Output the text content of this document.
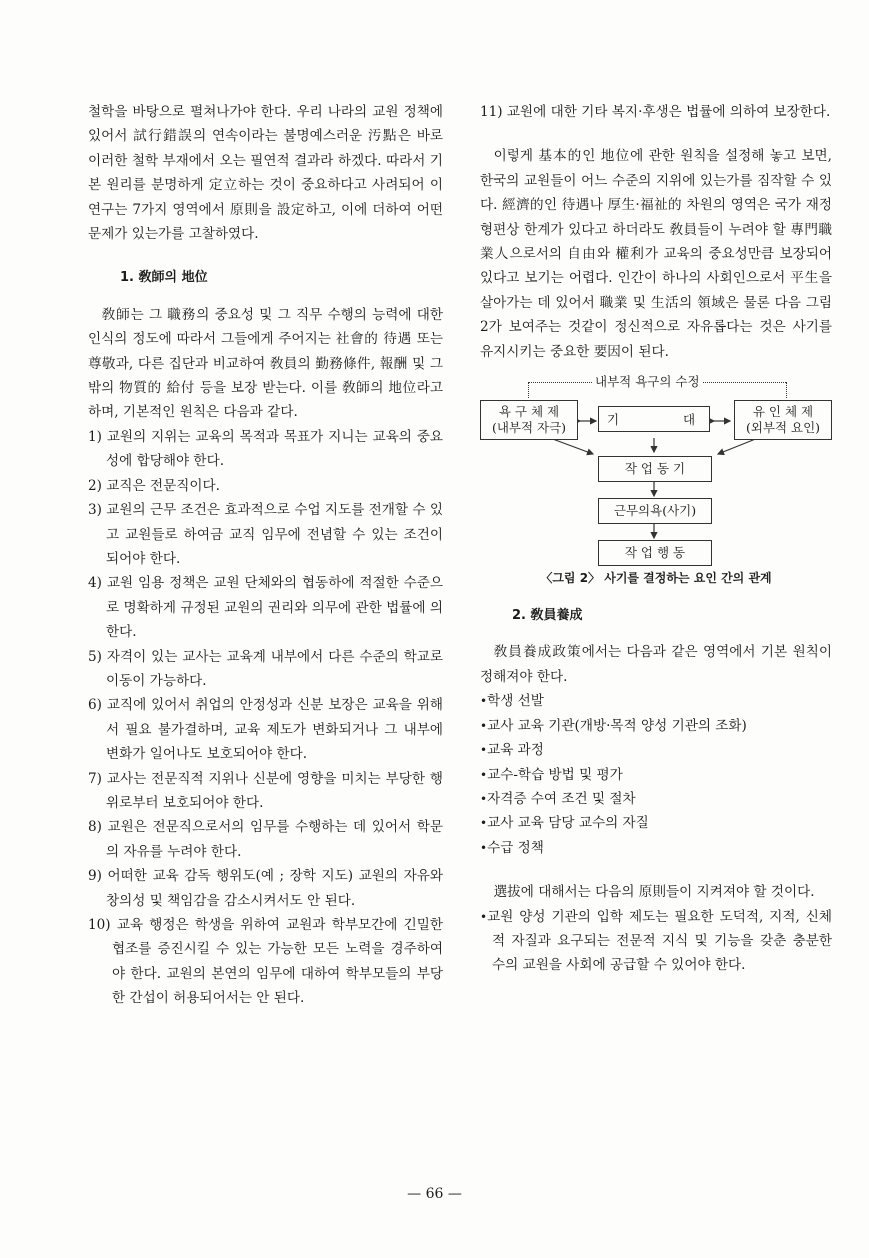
철학을 바탕으로 펼쳐나가야 한다. 우리 나라의 교원 정책에 있어서 試行錯誤의 연속이라는 불명예스러운 汚點은 바로 이러한 철학 부재에서 오는 필연적 결과라 하겠다. 따라서 기본 원리를 분명하게 定立하는 것이 중요하다고 사려되어 이 연구는 7가지 영역에서 原則을 設定하고, 이에 더하여 어떤 문제가 있는가를 고찰하였다.

1. 敎師의 地位

敎師는 그 職務의 중요성 및 그 직무 수행의 능력에 대한 인식의 정도에 따라서 그들에게 주어지는 社會的 待遇 또는 尊敬과, 다른 집단과 비교하여 敎員의 勤務條件, 報酬 및 그 밖의 物質的 給付 등을 보장 받는다. 이를 敎師의 地位라고 하며, 기본적인 원칙은 다음과 같다.

1) 교원의 지위는 교육의 목적과 목표가 지니는 교육의 중요성에 합당해야 한다.
2) 교직은 전문직이다.
3) 교원의 근무 조건은 효과적으로 수업 지도를 전개할 수 있고 교원들로 하여금 교직 임무에 전념할 수 있는 조건이 되어야 한다.
4) 교원 임용 정책은 교원 단체와의 협동하에 적절한 수준으로 명확하게 규정된 교원의 권리와 의무에 관한 법률에 의한다.
5) 자격이 있는 교사는 교육계 내부에서 다른 수준의 학교로 이동이 가능하다.
6) 교직에 있어서 취업의 안정성과 신분 보장은 교육을 위해서 필요 불가결하며, 교육 제도가 변화되거나 그 내부에 변화가 일어나도 보호되어야 한다.
7) 교사는 전문직적 지위나 신분에 영향을 미치는 부당한 행위로부터 보호되어야 한다.
8) 교원은 전문직으로서의 임무를 수행하는 데 있어서 학문의 자유를 누려야 한다.
9) 어떠한 교육 감독 행위도(예 ; 장학 지도) 교원의 자유와 창의성 및 책임감을 감소시켜서도 안 된다.
10) 교육 행정은 학생을 위하여 교원과 학부모간에 긴밀한 협조를 증진시킬 수 있는 가능한 모든 노력을 경주하여야 한다. 교원의 본연의 임무에 대하여 학부모들의 부당한 간섭이 허용되어서는 안 된다.

11) 교원에 대한 기타 복지·후생은 법률에 의하여 보장한다.

이렇게 基本的인 地位에 관한 원칙을 설정해 놓고 보면, 한국의 교원들이 어느 수준의 지위에 있는가를 짐작할 수 있다. 經濟的인 待遇나 厚生·福祉的 차원의 영역은 국가 재정 형편상 한계가 있다고 하더라도 敎員들이 누려야 할 專門職業人으로서의 自由와 權利가 교육의 중요성만큼 보장되어 있다고 보기는 어렵다. 인간이 하나의 사회인으로서 平生을 살아가는 데 있어서 職業 및 生活의 領域은 물론 다음 그림 2가 보여주는 것같이 정신적으로 자유롭다는 것은 사기를 유지시키는 중요한 要因이 된다.

내부적 욕구의 수정
욕 구 체 제
(내부적 자극)
기 대
유 인 체 제
(외부적 요인)
작 업 동 기
근무의욕(사기)
작 업 행 동

〈그림 2〉 사기를 결정하는 요인 간의 관계

2. 敎員養成

敎員養成政策에서는 다음과 같은 영역에서 기본 원칙이 정해져야 한다.

•학생 선발
•교사 교육 기관(개방·목적 양성 기관의 조화)
•교육 과정
•교수-학습 방법 및 평가
•자격증 수여 조건 및 절차
•교사 교육 담당 교수의 자질
•수급 정책

選拔에 대해서는 다음의 原則들이 지켜져야 할 것이다.

•교원 양성 기관의 입학 제도는 필요한 도덕적, 지적, 신체적 자질과 요구되는 전문적 지식 및 기능을 갖춘 충분한 수의 교원을 사회에 공급할 수 있어야 한다.
— 66 —
